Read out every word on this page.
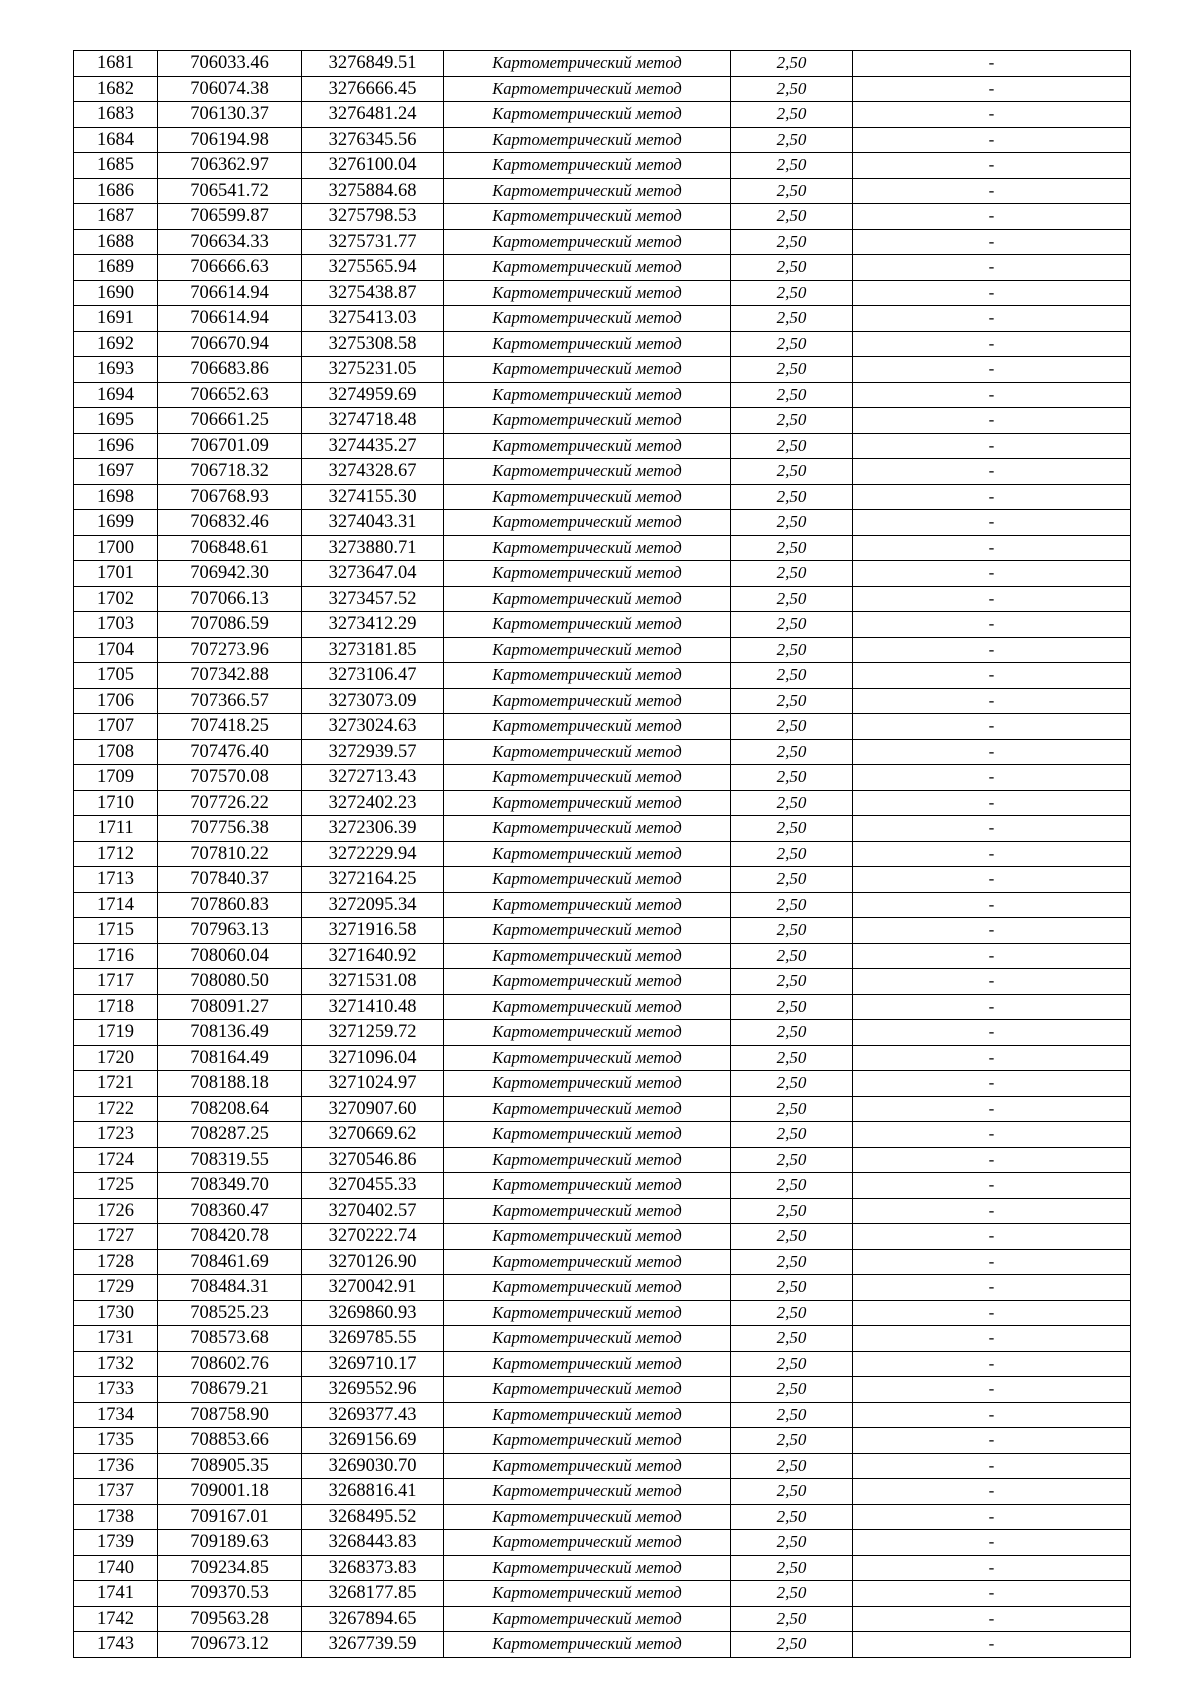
1681	706033.46	3276849.51	Картометрический метод	2,50	-
1682	706074.38	3276666.45	Картометрический метод	2,50	-
1683	706130.37	3276481.24	Картометрический метод	2,50	-
1684	706194.98	3276345.56	Картометрический метод	2,50	-
1685	706362.97	3276100.04	Картометрический метод	2,50	-
1686	706541.72	3275884.68	Картометрический метод	2,50	-
1687	706599.87	3275798.53	Картометрический метод	2,50	-
1688	706634.33	3275731.77	Картометрический метод	2,50	-
1689	706666.63	3275565.94	Картометрический метод	2,50	-
1690	706614.94	3275438.87	Картометрический метод	2,50	-
1691	706614.94	3275413.03	Картометрический метод	2,50	-
1692	706670.94	3275308.58	Картометрический метод	2,50	-
1693	706683.86	3275231.05	Картометрический метод	2,50	-
1694	706652.63	3274959.69	Картометрический метод	2,50	-
1695	706661.25	3274718.48	Картометрический метод	2,50	-
1696	706701.09	3274435.27	Картометрический метод	2,50	-
1697	706718.32	3274328.67	Картометрический метод	2,50	-
1698	706768.93	3274155.30	Картометрический метод	2,50	-
1699	706832.46	3274043.31	Картометрический метод	2,50	-
1700	706848.61	3273880.71	Картометрический метод	2,50	-
1701	706942.30	3273647.04	Картометрический метод	2,50	-
1702	707066.13	3273457.52	Картометрический метод	2,50	-
1703	707086.59	3273412.29	Картометрический метод	2,50	-
1704	707273.96	3273181.85	Картометрический метод	2,50	-
1705	707342.88	3273106.47	Картометрический метод	2,50	-
1706	707366.57	3273073.09	Картометрический метод	2,50	-
1707	707418.25	3273024.63	Картометрический метод	2,50	-
1708	707476.40	3272939.57	Картометрический метод	2,50	-
1709	707570.08	3272713.43	Картометрический метод	2,50	-
1710	707726.22	3272402.23	Картометрический метод	2,50	-
1711	707756.38	3272306.39	Картометрический метод	2,50	-
1712	707810.22	3272229.94	Картометрический метод	2,50	-
1713	707840.37	3272164.25	Картометрический метод	2,50	-
1714	707860.83	3272095.34	Картометрический метод	2,50	-
1715	707963.13	3271916.58	Картометрический метод	2,50	-
1716	708060.04	3271640.92	Картометрический метод	2,50	-
1717	708080.50	3271531.08	Картометрический метод	2,50	-
1718	708091.27	3271410.48	Картометрический метод	2,50	-
1719	708136.49	3271259.72	Картометрический метод	2,50	-
1720	708164.49	3271096.04	Картометрический метод	2,50	-
1721	708188.18	3271024.97	Картометрический метод	2,50	-
1722	708208.64	3270907.60	Картометрический метод	2,50	-
1723	708287.25	3270669.62	Картометрический метод	2,50	-
1724	708319.55	3270546.86	Картометрический метод	2,50	-
1725	708349.70	3270455.33	Картометрический метод	2,50	-
1726	708360.47	3270402.57	Картометрический метод	2,50	-
1727	708420.78	3270222.74	Картометрический метод	2,50	-
1728	708461.69	3270126.90	Картометрический метод	2,50	-
1729	708484.31	3270042.91	Картометрический метод	2,50	-
1730	708525.23	3269860.93	Картометрический метод	2,50	-
1731	708573.68	3269785.55	Картометрический метод	2,50	-
1732	708602.76	3269710.17	Картометрический метод	2,50	-
1733	708679.21	3269552.96	Картометрический метод	2,50	-
1734	708758.90	3269377.43	Картометрический метод	2,50	-
1735	708853.66	3269156.69	Картометрический метод	2,50	-
1736	708905.35	3269030.70	Картометрический метод	2,50	-
1737	709001.18	3268816.41	Картометрический метод	2,50	-
1738	709167.01	3268495.52	Картометрический метод	2,50	-
1739	709189.63	3268443.83	Картометрический метод	2,50	-
1740	709234.85	3268373.83	Картометрический метод	2,50	-
1741	709370.53	3268177.85	Картометрический метод	2,50	-
1742	709563.28	3267894.65	Картометрический метод	2,50	-
1743	709673.12	3267739.59	Картометрический метод	2,50	-
